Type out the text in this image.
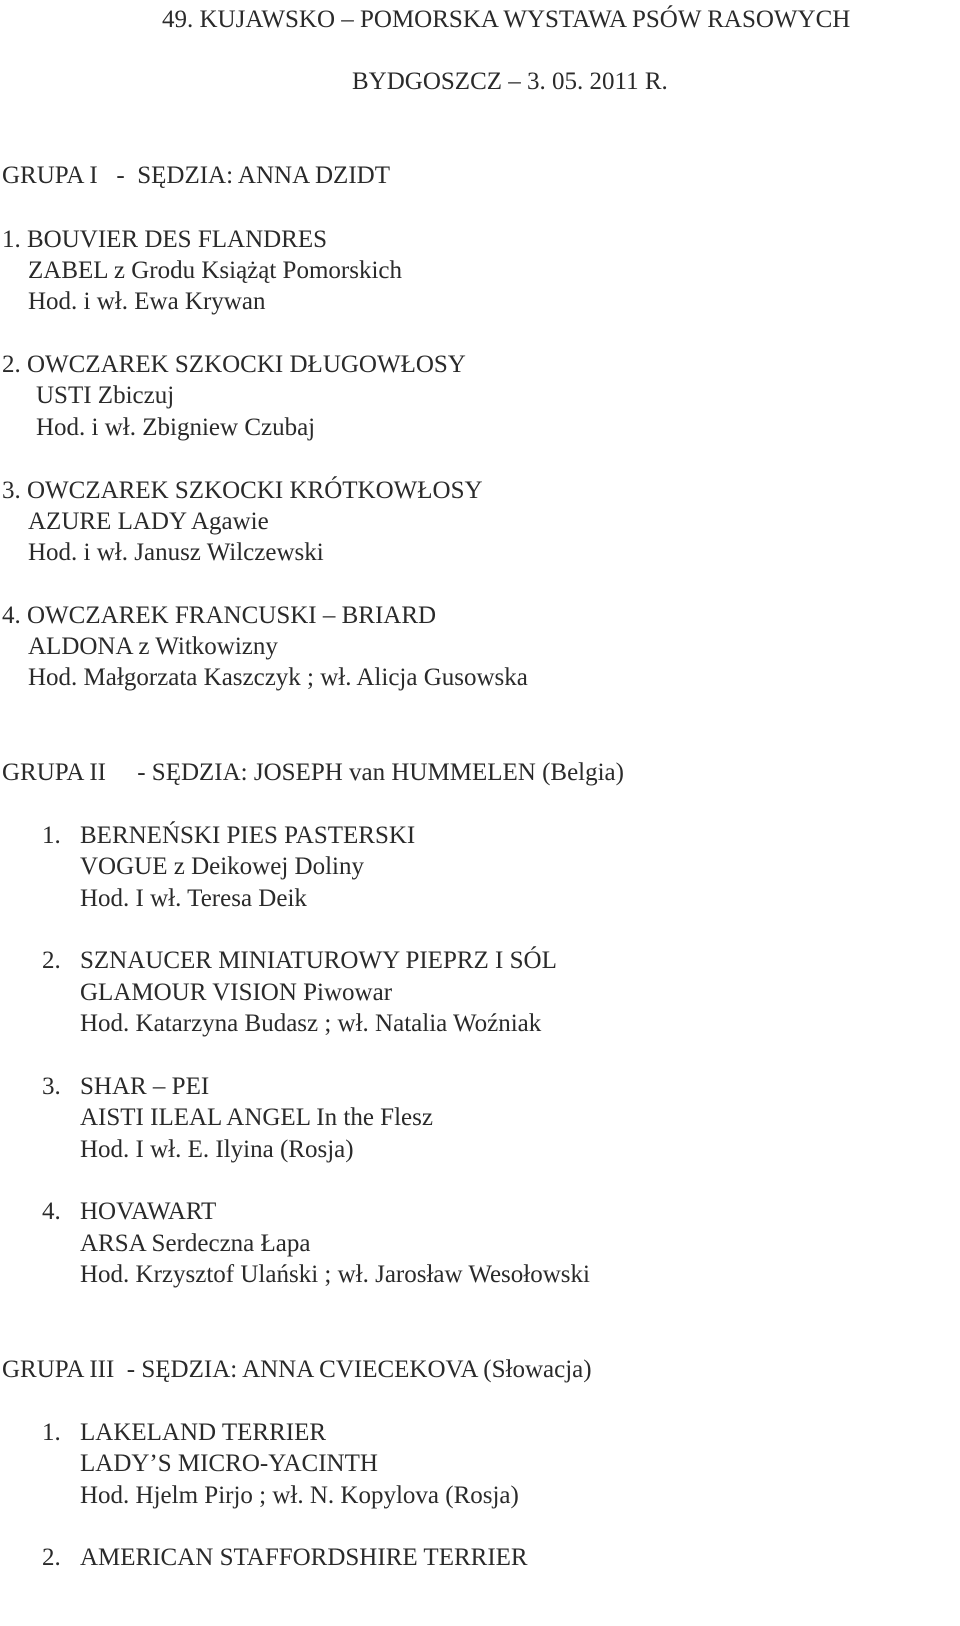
49. KUJAWSKO – POMORSKA WYSTAWA PSÓW RASOWYCH
BYDGOSZCZ – 3. 05. 2011 R.
GRUPA I   -  SĘDZIA: ANNA DZIDT
1. BOUVIER DES FLANDRES
ZABEL z Grodu Książąt Pomorskich
Hod. i wł. Ewa Krywan
2. OWCZAREK SZKOCKI DŁUGOWŁOSY
USTI Zbiczuj
Hod. i wł. Zbigniew Czubaj
3. OWCZAREK SZKOCKI KRÓTKOWŁOSY
AZURE LADY Agawie
Hod. i wł. Janusz Wilczewski
4. OWCZAREK FRANCUSKI – BRIARD
ALDONA z Witkowizny
Hod. Małgorzata Kaszczyk ; wł. Alicja Gusowska
GRUPA II     - SĘDZIA: JOSEPH van HUMMELEN (Belgia)
1. BERNEŃSKI PIES PASTERSKI
VOGUE z Deikowej Doliny
Hod. I wł. Teresa Deik
2. SZNAUCER MINIATUROWY PIEPRZ I SÓL
GLAMOUR VISION Piwowar
Hod. Katarzyna Budasz ; wł. Natalia Woźniak
3. SHAR – PEI
AISTI ILEAL ANGEL In the Flesz
Hod. I wł. E. Ilyina (Rosja)
4. HOVAWART
ARSA Serdeczna Łapa
Hod. Krzysztof Ulański ; wł. Jarosław Wesołowski
GRUPA III  - SĘDZIA: ANNA CVIECEKOVA (Słowacja)
1. LAKELAND TERRIER
LADY’S MICRO-YACINTH
Hod. Hjelm Pirjo ; wł. N. Kopylova (Rosja)
2. AMERICAN STAFFORDSHIRE TERRIER
